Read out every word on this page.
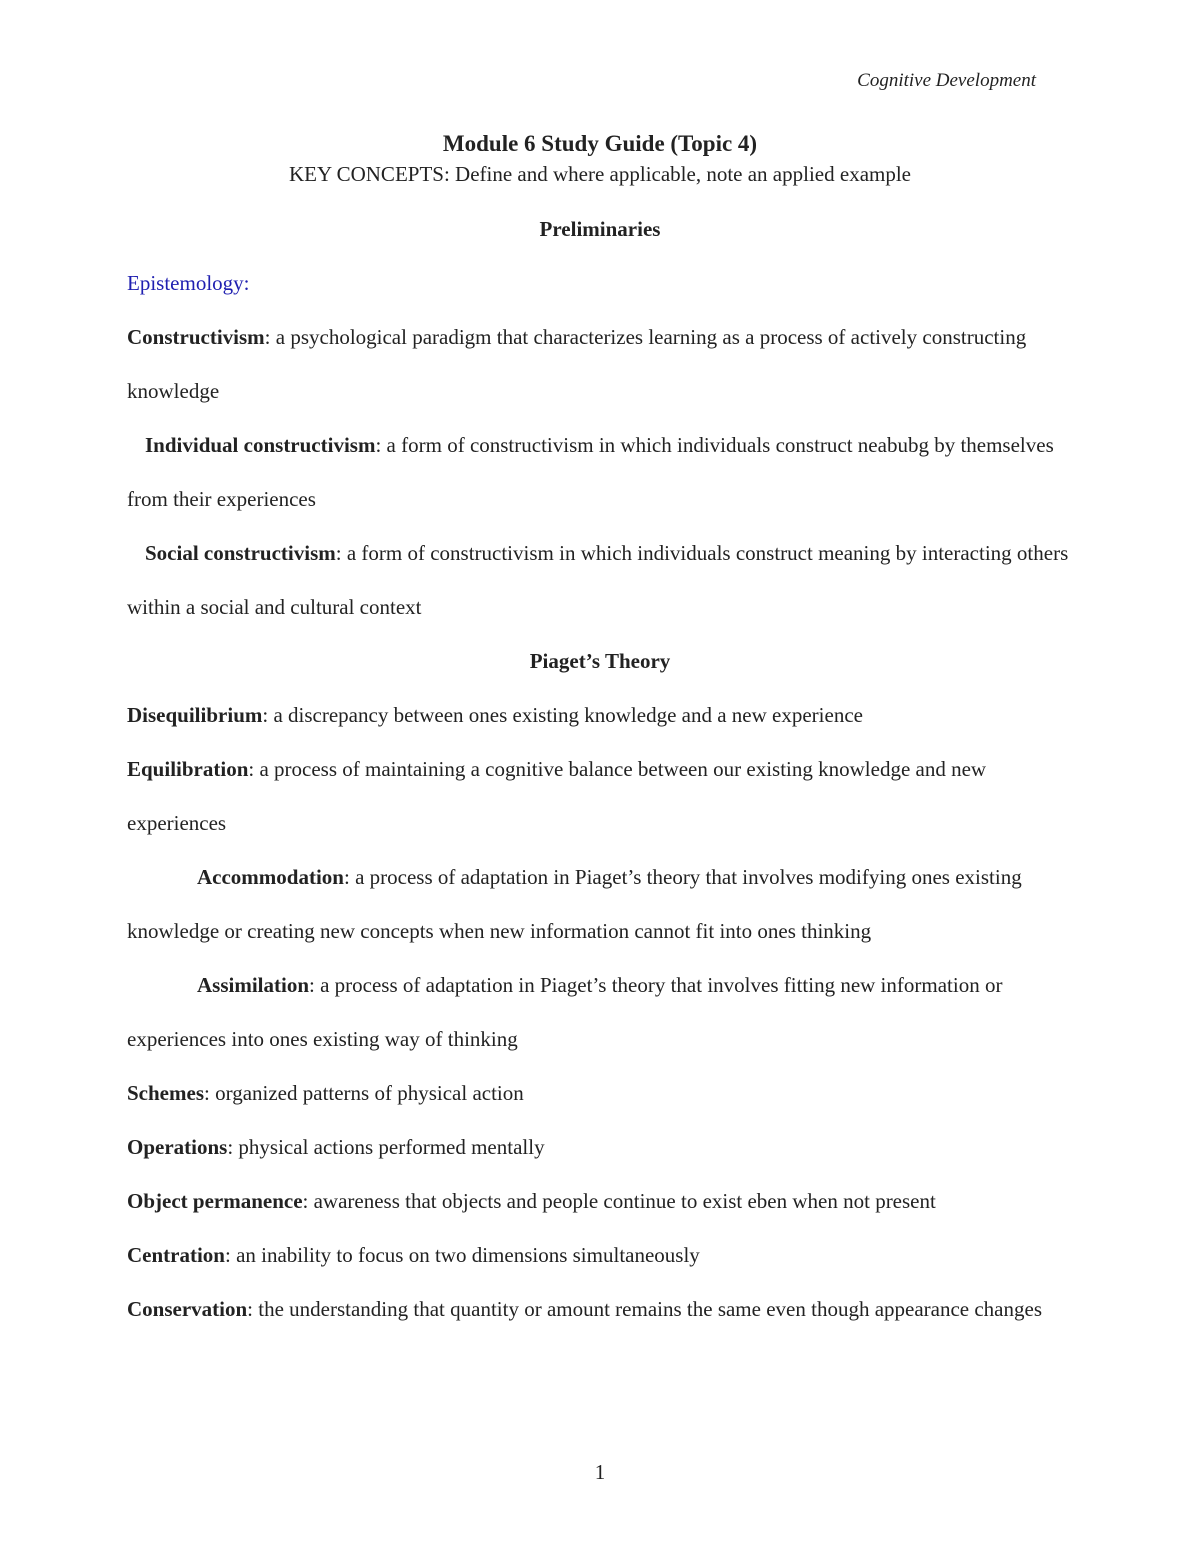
Cognitive Development
Module 6 Study Guide (Topic 4)

KEY CONCEPTS: Define and where applicable, note an applied example

Preliminaries

Epistemology:

Constructivism: a psychological paradigm that characterizes learning as a process of actively constructing knowledge

Individual constructivism: a form of constructivism in which individuals construct neabubg by themselves from their experiences

Social constructivism: a form of constructivism in which individuals construct meaning by interacting others within a social and cultural context

Piaget’s Theory

Disequilibrium: a discrepancy between ones existing knowledge and a new experience

Equilibration: a process of maintaining a cognitive balance between our existing knowledge and new experiences

Accommodation: a process of adaptation in Piaget’s theory that involves modifying ones existing knowledge or creating new concepts when new information cannot fit into ones thinking

Assimilation: a process of adaptation in Piaget’s theory that involves fitting new information or experiences into ones existing way of thinking

Schemes: organized patterns of physical action

Operations: physical actions performed mentally

Object permanence: awareness that objects and people continue to exist eben when not present

Centration: an inability to focus on two dimensions simultaneously

Conservation: the understanding that quantity or amount remains the same even though appearance changes

1
